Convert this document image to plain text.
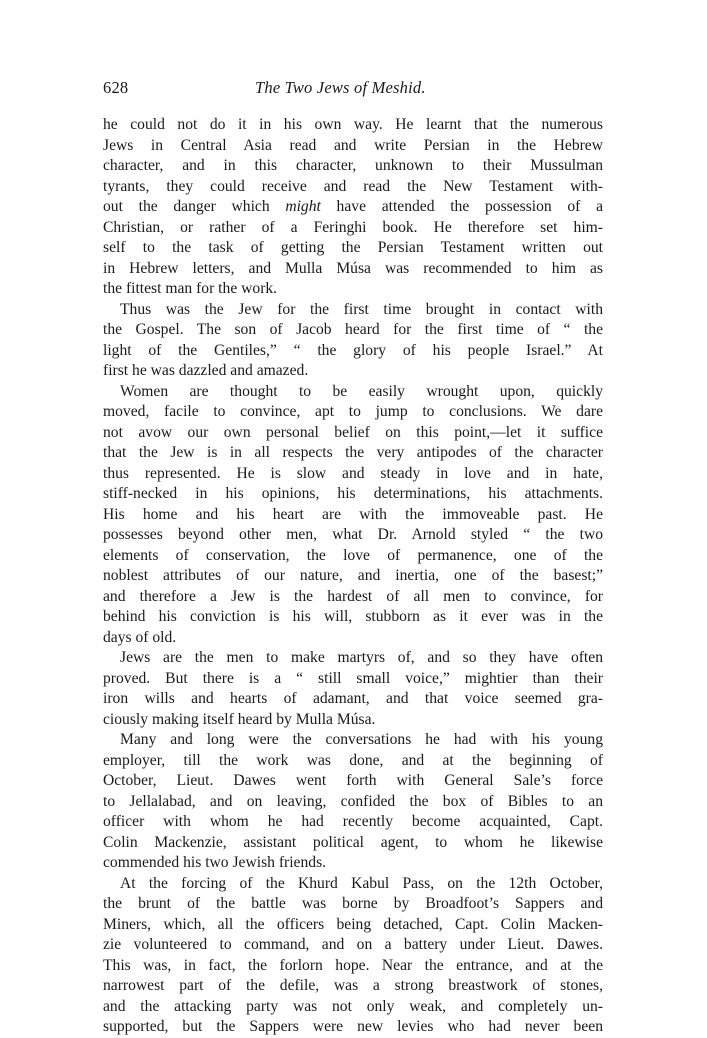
628	The Two Jews of Meshid.
he could not do it in his own way. He learnt that the numerous
Jews in Central Asia read and write Persian in the Hebrew
character, and in this character, unknown to their Mussulman
tyrants, they could receive and read the New Testament with-
out the danger which might have attended the possession of a
Christian, or rather of a Feringhi book. He therefore set him-
self to the task of getting the Persian Testament written out
in Hebrew letters, and Mulla Músa was recommended to him as
the fittest man for the work.
Thus was the Jew for the first time brought in contact with
the Gospel. The son of Jacob heard for the first time of “ the
light of the Gentiles,” “ the glory of his people Israel.” At
first he was dazzled and amazed.
Women are thought to be easily wrought upon, quickly
moved, facile to convince, apt to jump to conclusions. We dare
not avow our own personal belief on this point,—let it suffice
that the Jew is in all respects the very antipodes of the character
thus represented. He is slow and steady in love and in hate,
stiff-necked in his opinions, his determinations, his attachments.
His home and his heart are with the immoveable past. He
possesses beyond other men, what Dr. Arnold styled “ the two
elements of conservation, the love of permanence, one of the
noblest attributes of our nature, and inertia, one of the basest;”
and therefore a Jew is the hardest of all men to convince, for
behind his conviction is his will, stubborn as it ever was in the
days of old.
Jews are the men to make martyrs of, and so they have often
proved. But there is a “ still small voice,” mightier than their
iron wills and hearts of adamant, and that voice seemed gra-
ciously making itself heard by Mulla Músa.
Many and long were the conversations he had with his young
employer, till the work was done, and at the beginning of
October, Lieut. Dawes went forth with General Sale’s force
to Jellalabad, and on leaving, confided the box of Bibles to an
officer with whom he had recently become acquainted, Capt.
Colin Mackenzie, assistant political agent, to whom he likewise
commended his two Jewish friends.
At the forcing of the Khurd Kabul Pass, on the 12th October,
the brunt of the battle was borne by Broadfoot’s Sappers and
Miners, which, all the officers being detached, Capt. Colin Macken-
zie volunteered to command, and on a battery under Lieut. Dawes.
This was, in fact, the forlorn hope. Near the entrance, and at the
narrowest part of the defile, was a strong breastwork of stones,
and the attacking party was not only weak, and completely un-
supported, but the Sappers were new levies who had never been
